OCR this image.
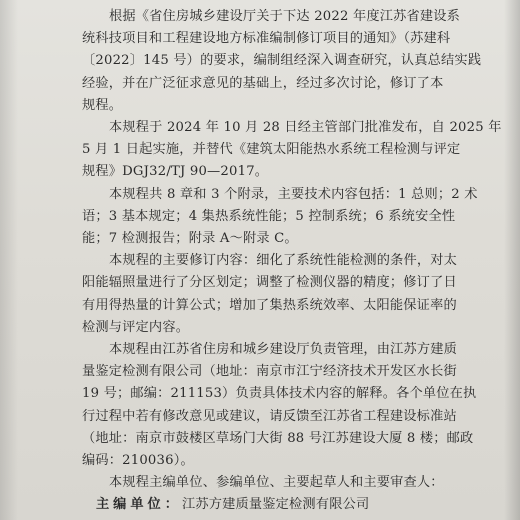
根据《省住房城乡建设厅关于下达 2022 年度江苏省建设系
统科技项目和工程建设地方标准编制修订项目的通知》（苏建科
〔2022〕145 号）的要求，编制组经深入调查研究，认真总结实践
经验，并在广泛征求意见的基础上，经过多次讨论，修订了本
规程。

本规程于 2024 年 10 月 28 日经主管部门批准发布，自 2025 年
5 月 1 日起实施，并替代《建筑太阳能热水系统工程检测与评定
规程》DGJ32/TJ 90—2017。

本规程共 8 章和 3 个附录，主要技术内容包括：1 总则；2 术
语；3 基本规定；4 集热系统性能；5 控制系统；6 系统安全性
能；7 检测报告；附录 A～附录 C。

本规程的主要修订内容：细化了系统性能检测的条件，对太
阳能辐照量进行了分区划定；调整了检测仪器的精度；修订了日
有用得热量的计算公式；增加了集热系统效率、太阳能保证率的
检测与评定内容。

本规程由江苏省住房和城乡建设厅负责管理，由江苏方建质
量鉴定检测有限公司（地址：南京市江宁经济技术开发区水长街
19 号；邮编：211153）负责具体技术内容的解释。各个单位在执
行过程中若有修改意见或建议，请反馈至江苏省工程建设标准站
（地址：南京市鼓楼区草场门大街 88 号江苏建设大厦 8 楼；邮政
编码：210036）。

本规程主编单位、参编单位、主要起草人和主要审查人：

主编单位：江苏方建质量鉴定检测有限公司
